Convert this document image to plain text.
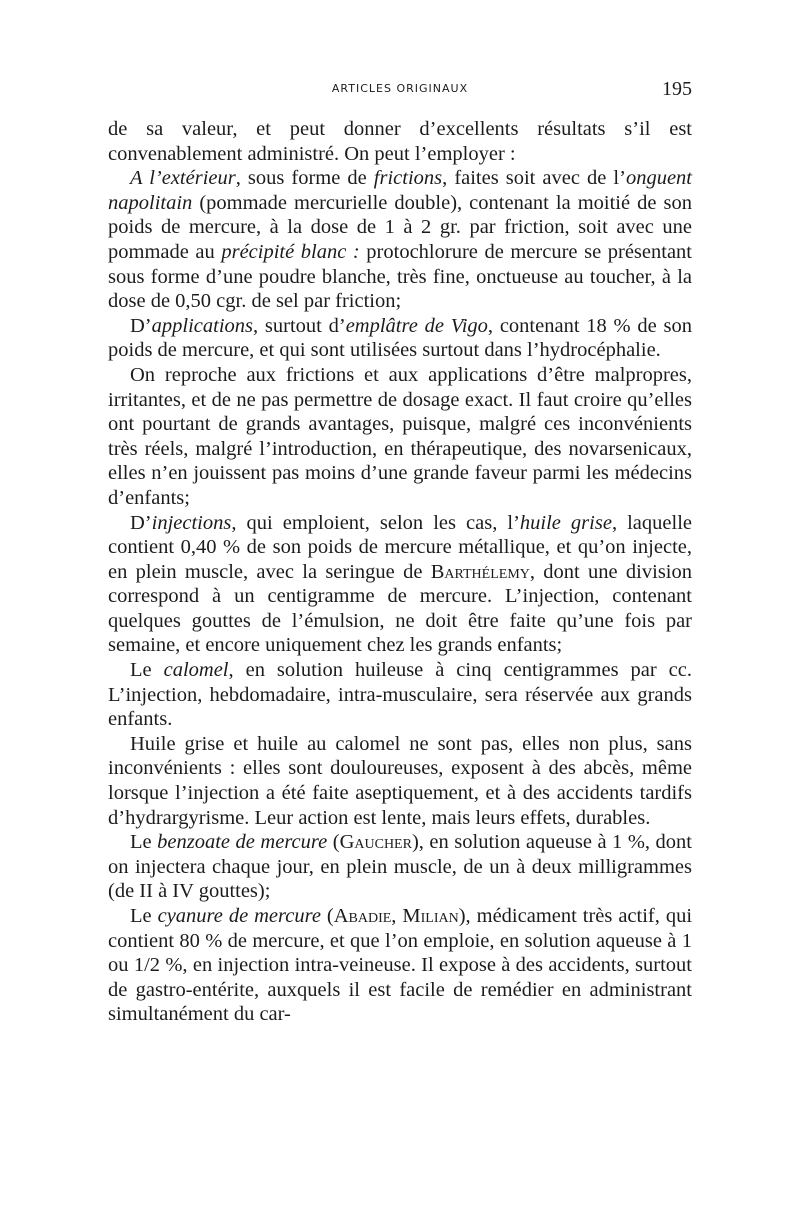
ARTICLES ORIGINAUX	195

de sa valeur, et peut donner d’excellents résultats s’il est convenablement administré. On peut l’employer :

A l’extérieur, sous forme de frictions, faites soit avec de l’onguent napolitain (pommade mercurielle double), contenant la moitié de son poids de mercure, à la dose de 1 à 2 gr. par friction, soit avec une pommade au précipité blanc : protochlorure de mercure se présentant sous forme d’une poudre blanche, très fine, onctueuse au toucher, à la dose de 0,50 cgr. de sel par friction;

D’applications, surtout d’emplâtre de Vigo, contenant 18 % de son poids de mercure, et qui sont utilisées surtout dans l’hydrocéphalie.

On reproche aux frictions et aux applications d’être malpropres, irritantes, et de ne pas permettre de dosage exact. Il faut croire qu’elles ont pourtant de grands avantages, puisque, malgré ces inconvénients très réels, malgré l’introduction, en thérapeutique, des novarsenicaux, elles n’en jouissent pas moins d’une grande faveur parmi les médecins d’enfants;

D’injections, qui emploient, selon les cas, l’huile grise, laquelle contient 0,40 % de son poids de mercure métallique, et qu’on injecte, en plein muscle, avec la seringue de Barthélemy, dont une division correspond à un centigramme de mercure. L’injection, contenant quelques gouttes de l’émulsion, ne doit être faite qu’une fois par semaine, et encore uniquement chez les grands enfants;

Le calomel, en solution huileuse à cinq centigrammes par cc. L’injection, hebdomadaire, intra-musculaire, sera réservée aux grands enfants.

Huile grise et huile au calomel ne sont pas, elles non plus, sans inconvénients : elles sont douloureuses, exposent à des abcès, même lorsque l’injection a été faite aseptiquement, et à des accidents tardifs d’hydrargyrisme. Leur action est lente, mais leurs effets, durables.

Le benzoate de mercure (Gaucher), en solution aqueuse à 1 %, dont on injectera chaque jour, en plein muscle, de un à deux milligrammes (de II à IV gouttes);

Le cyanure de mercure (Abadie, Milian), médicament très actif, qui contient 80 % de mercure, et que l’on emploie, en solution aqueuse à 1 ou 1/2 %, en injection intra-veineuse. Il expose à des accidents, surtout de gastro-entérite, auxquels il est facile de remédier en administrant simultanément du car-
